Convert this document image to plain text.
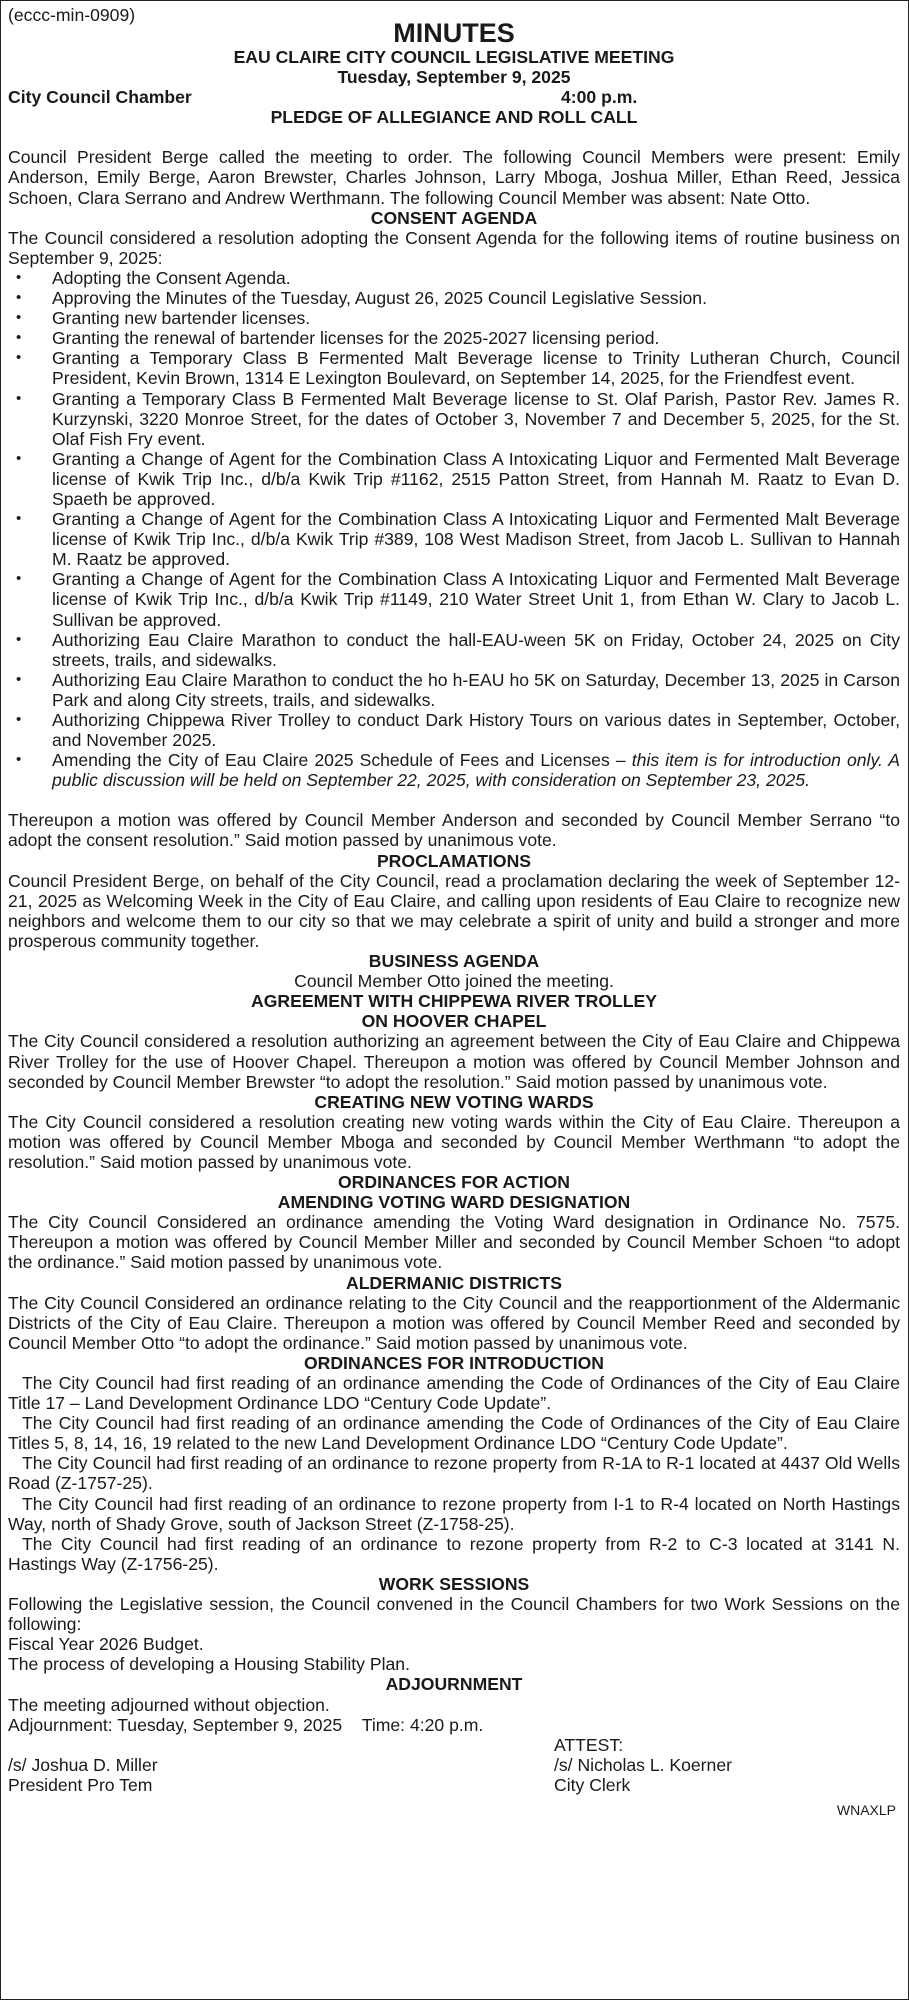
(eccc-min-0909)

MINUTES

EAU CLAIRE CITY COUNCIL LEGISLATIVE MEETING

Tuesday, September 9, 2025

City Council Chamber	4:00 p.m.

PLEDGE OF ALLEGIANCE AND ROLL CALL

Council President Berge called the meeting to order. The following Council Members were present: Emily Anderson, Emily Berge, Aaron Brewster, Charles Johnson, Larry Mboga, Joshua Miller, Ethan Reed, Jessica Schoen, Clara Serrano and Andrew Werthmann. The following Council Member was absent: Nate Otto.

CONSENT AGENDA

The Council considered a resolution adopting the Consent Agenda for the following items of routine business on September 9, 2025:

• Adopting the Consent Agenda.
• Approving the Minutes of the Tuesday, August 26, 2025 Council Legislative Session.
• Granting new bartender licenses.
• Granting the renewal of bartender licenses for the 2025-2027 licensing period.
• Granting a Temporary Class B Fermented Malt Beverage license to Trinity Lutheran Church, Council President, Kevin Brown, 1314 E Lexington Boulevard, on September 14, 2025, for the Friendfest event.
• Granting a Temporary Class B Fermented Malt Beverage license to St. Olaf Parish, Pastor Rev. James R. Kurzynski, 3220 Monroe Street, for the dates of October 3, November 7 and December 5, 2025, for the St. Olaf Fish Fry event.
• Granting a Change of Agent for the Combination Class A Intoxicating Liquor and Fermented Malt Beverage license of Kwik Trip Inc., d/b/a Kwik Trip #1162, 2515 Patton Street, from Hannah M. Raatz to Evan D. Spaeth be approved.
• Granting a Change of Agent for the Combination Class A Intoxicating Liquor and Fermented Malt Beverage license of Kwik Trip Inc., d/b/a Kwik Trip #389, 108 West Madison Street, from Jacob L. Sullivan to Hannah M. Raatz be approved.
• Granting a Change of Agent for the Combination Class A Intoxicating Liquor and Fermented Malt Beverage license of Kwik Trip Inc., d/b/a Kwik Trip #1149, 210 Water Street Unit 1, from Ethan W. Clary to Jacob L. Sullivan be approved.
• Authorizing Eau Claire Marathon to conduct the hall-EAU-ween 5K on Friday, October 24, 2025 on City streets, trails, and sidewalks.
• Authorizing Eau Claire Marathon to conduct the ho h-EAU ho 5K on Saturday, December 13, 2025 in Carson Park and along City streets, trails, and sidewalks.
• Authorizing Chippewa River Trolley to conduct Dark History Tours on various dates in September, October, and November 2025.
• Amending the City of Eau Claire 2025 Schedule of Fees and Licenses – this item is for introduction only. A public discussion will be held on September 22, 2025, with consideration on September 23, 2025.

Thereupon a motion was offered by Council Member Anderson and seconded by Council Member Serrano “to adopt the consent resolution.” Said motion passed by unanimous vote.

PROCLAMATIONS

Council President Berge, on behalf of the City Council, read a proclamation declaring the week of September 12-21, 2025 as Welcoming Week in the City of Eau Claire, and calling upon residents of Eau Claire to recognize new neighbors and welcome them to our city so that we may celebrate a spirit of unity and build a stronger and more prosperous community together.

BUSINESS AGENDA

Council Member Otto joined the meeting.

AGREEMENT WITH CHIPPEWA RIVER TROLLEY

ON HOOVER CHAPEL

The City Council considered a resolution authorizing an agreement between the City of Eau Claire and Chippewa River Trolley for the use of Hoover Chapel. Thereupon a motion was offered by Council Member Johnson and seconded by Council Member Brewster “to adopt the resolution.” Said motion passed by unanimous vote.

CREATING NEW VOTING WARDS

The City Council considered a resolution creating new voting wards within the City of Eau Claire. Thereupon a motion was offered by Council Member Mboga and seconded by Council Member Werthmann “to adopt the resolution.” Said motion passed by unanimous vote.

ORDINANCES FOR ACTION

AMENDING VOTING WARD DESIGNATION

The City Council Considered an ordinance amending the Voting Ward designation in Ordinance No. 7575. Thereupon a motion was offered by Council Member Miller and seconded by Council Member Schoen “to adopt the ordinance.” Said motion passed by unanimous vote.

ALDERMANIC DISTRICTS

The City Council Considered an ordinance relating to the City Council and the reapportionment of the Aldermanic Districts of the City of Eau Claire. Thereupon a motion was offered by Council Member Reed and seconded by Council Member Otto “to adopt the ordinance.” Said motion passed by unanimous vote.

ORDINANCES FOR INTRODUCTION

The City Council had first reading of an ordinance amending the Code of Ordinances of the City of Eau Claire Title 17 – Land Development Ordinance LDO “Century Code Update”.

The City Council had first reading of an ordinance amending the Code of Ordinances of the City of Eau Claire Titles 5, 8, 14, 16, 19 related to the new Land Development Ordinance LDO “Century Code Update”.

The City Council had first reading of an ordinance to rezone property from R-1A to R-1 located at 4437 Old Wells Road (Z-1757-25).

The City Council had first reading of an ordinance to rezone property from I-1 to R-4 located on North Hastings Way, north of Shady Grove, south of Jackson Street (Z-1758-25).

The City Council had first reading of an ordinance to rezone property from R-2 to C-3 located at 3141 N. Hastings Way (Z-1756-25).

WORK SESSIONS

Following the Legislative session, the Council convened in the Council Chambers for two Work Sessions on the following:

Fiscal Year 2026 Budget.

The process of developing a Housing Stability Plan.

ADJOURNMENT

The meeting adjourned without objection.

Adjournment: Tuesday, September 9, 2025 Time: 4:20 p.m.

ATTEST:
/s/ Joshua D. Miller	/s/ Nicholas L. Koerner
President Pro Tem	City Clerk

WNAXLP
